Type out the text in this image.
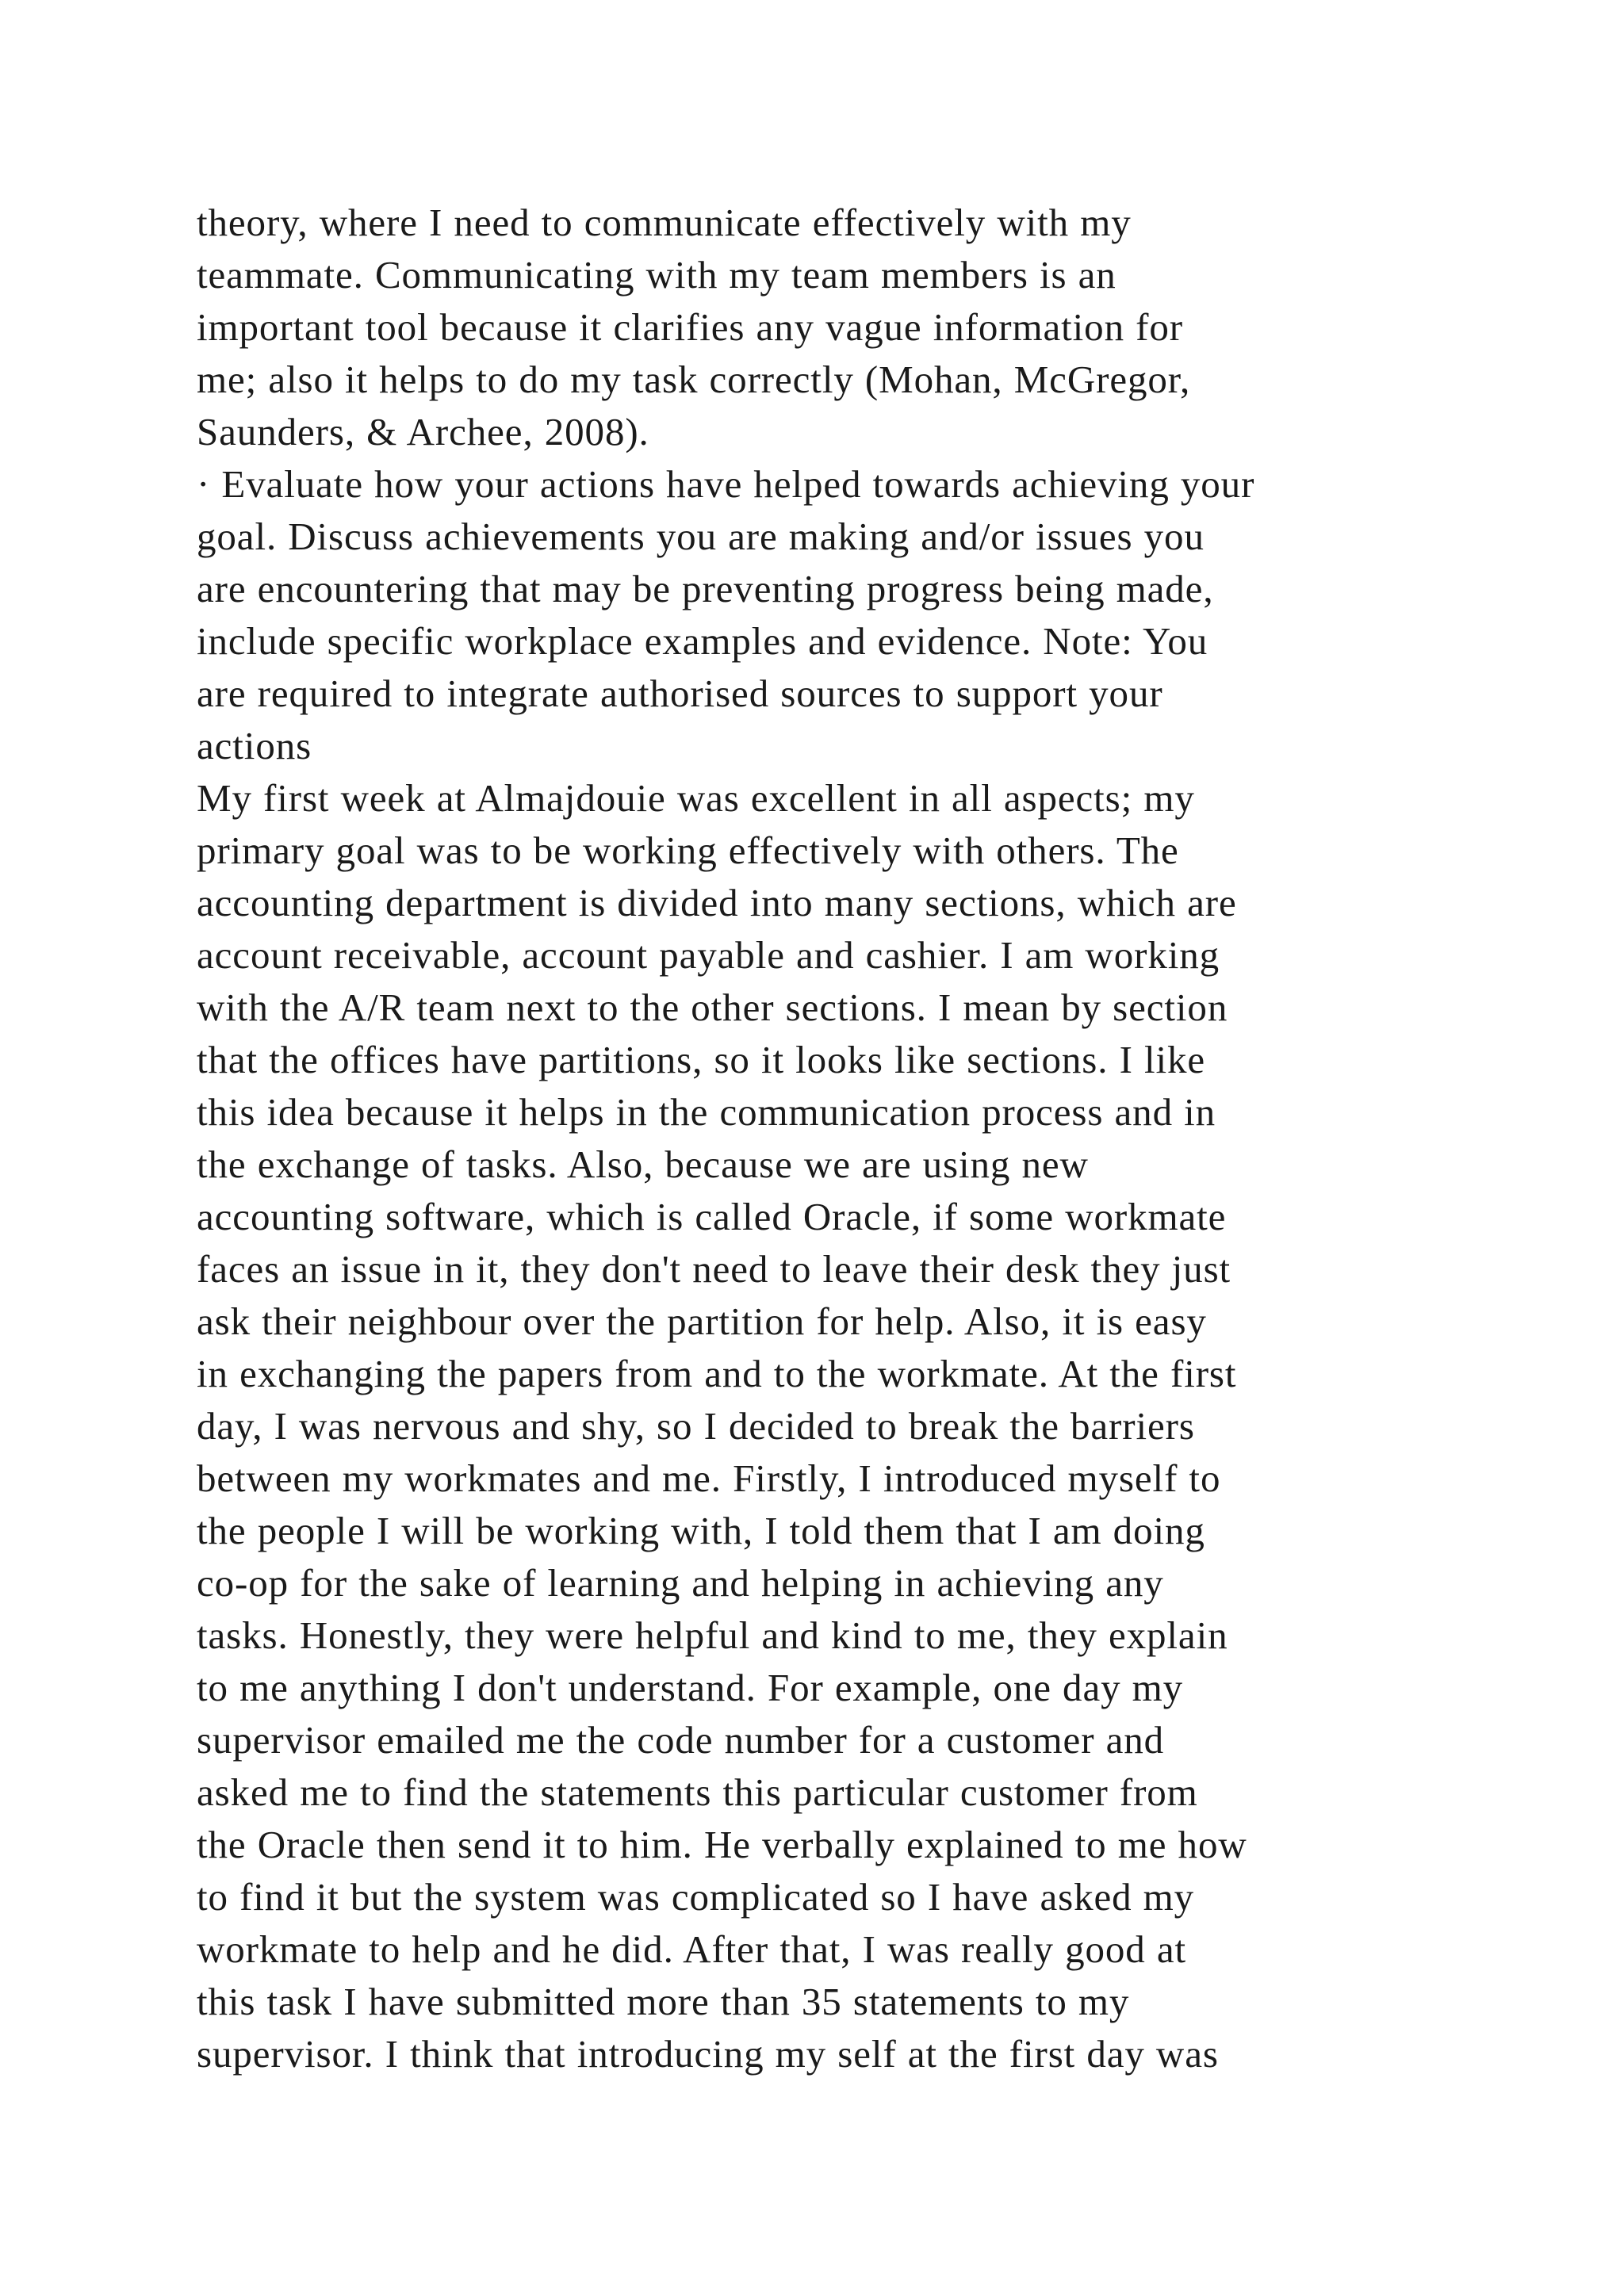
theory, where I need to communicate effectively with my
teammate. Communicating with my team members is an
important tool because it clarifies any vague information for
me; also it helps to do my task correctly (Mohan, McGregor,
Saunders, & Archee, 2008).
· Evaluate how your actions have helped towards achieving your
goal. Discuss achievements you are making and/or issues you
are encountering that may be preventing progress being made,
include specific workplace examples and evidence. Note: You
are required to integrate authorised sources to support your
actions
My first week at Almajdouie was excellent in all aspects; my
primary goal was to be working effectively with others. The
accounting department is divided into many sections, which are
account receivable, account payable and cashier. I am working
with the A/R team next to the other sections. I mean by section
that the offices have partitions, so it looks like sections. I like
this idea because it helps in the communication process and in
the exchange of tasks. Also, because we are using new
accounting software, which is called Oracle, if some workmate
faces an issue in it, they don't need to leave their desk they just
ask their neighbour over the partition for help. Also, it is easy
in exchanging the papers from and to the workmate. At the first
day, I was nervous and shy, so I decided to break the barriers
between my workmates and me. Firstly, I introduced myself to
the people I will be working with, I told them that I am doing
co-op for the sake of learning and helping in achieving any
tasks. Honestly, they were helpful and kind to me, they explain
to me anything I don't understand. For example, one day my
supervisor emailed me the code number for a customer and
asked me to find the statements this particular customer from
the Oracle then send it to him. He verbally explained to me how
to find it but the system was complicated so I have asked my
workmate to help and he did. After that, I was really good at
this task I have submitted more than 35 statements to my
supervisor. I think that introducing my self at the first day was
